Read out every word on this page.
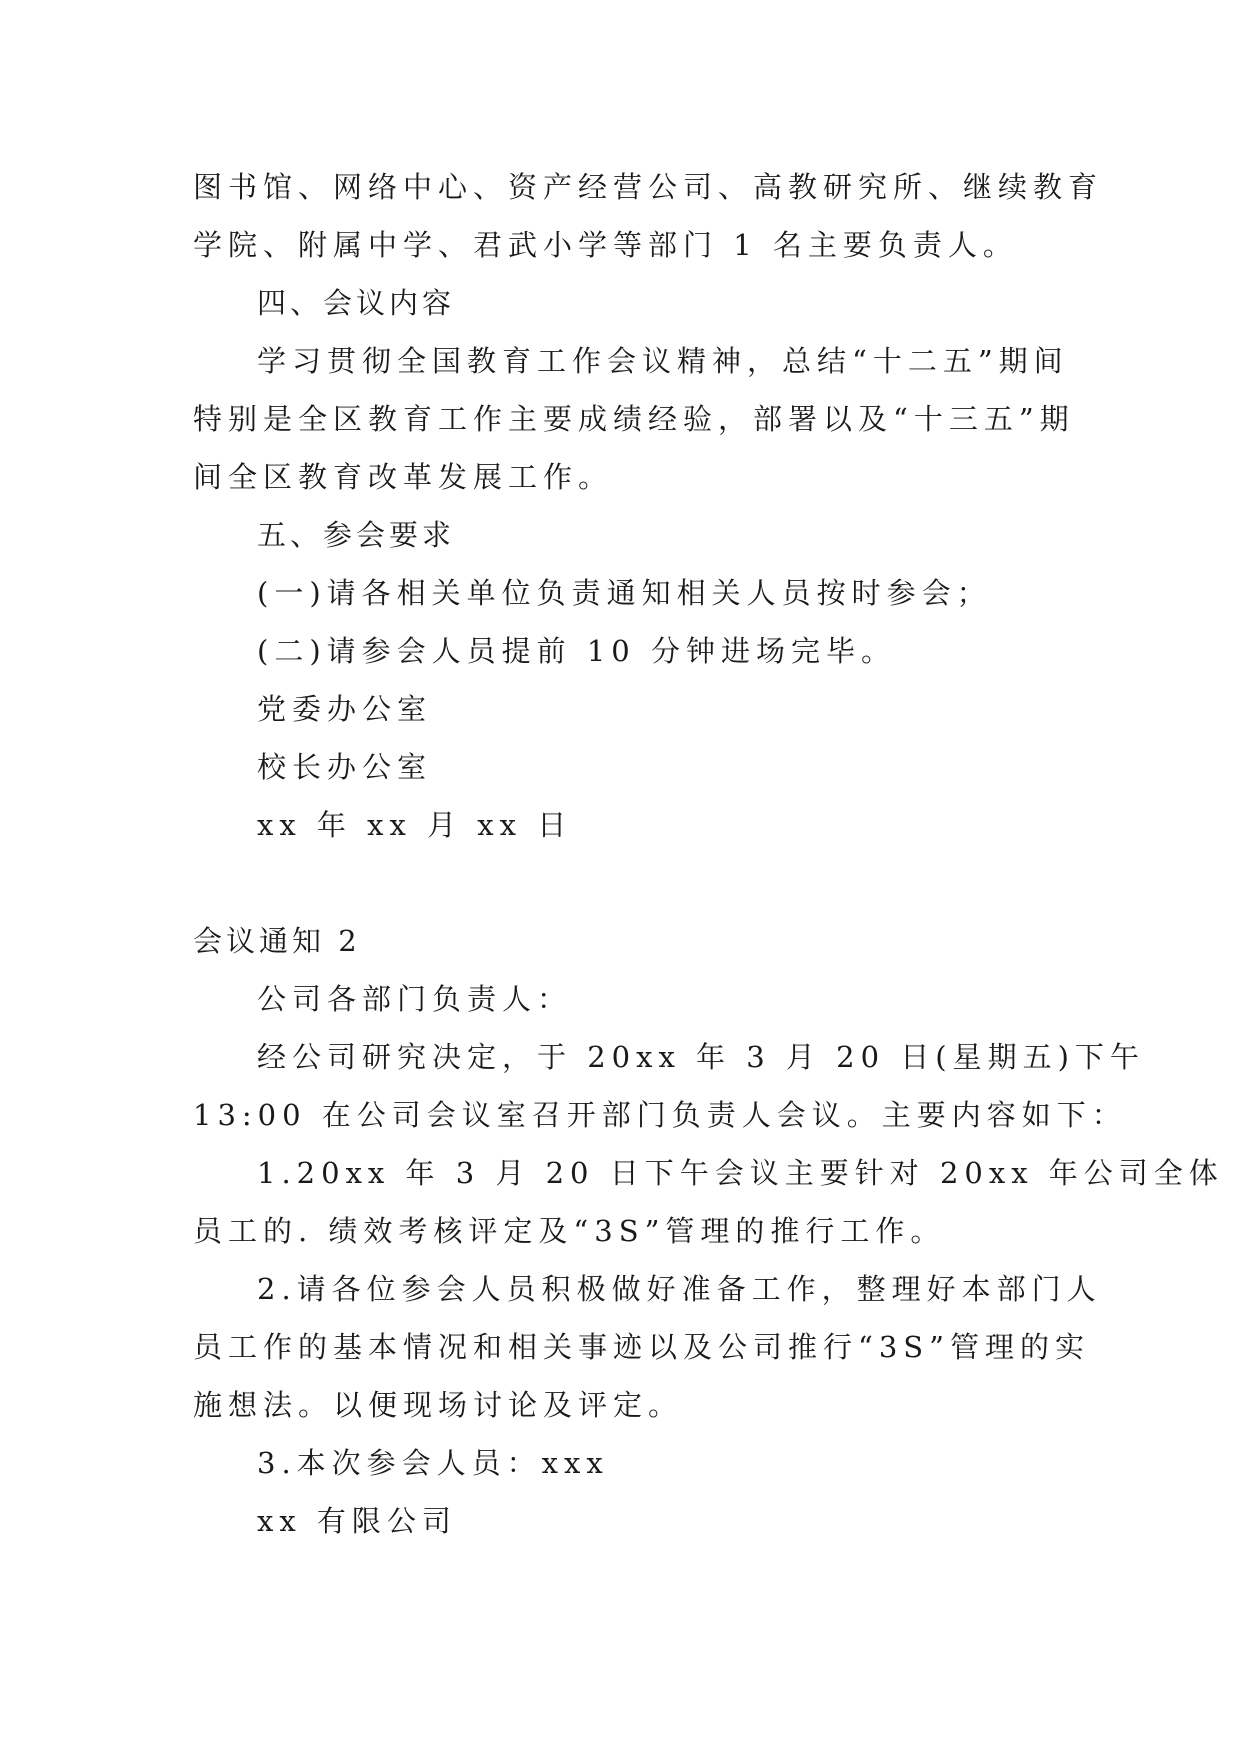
图书馆、网络中心、资产经营公司、高教研究所、继续教育
学院、附属中学、君武小学等部门 1 名主要负责人。
四、会议内容
学习贯彻全国教育工作会议精神，总结“十二五”期间
特别是全区教育工作主要成绩经验，部署以及“十三五”期
间全区教育改革发展工作。
五、参会要求
(一)请各相关单位负责通知相关人员按时参会；
(二)请参会人员提前 10 分钟进场完毕。
党委办公室
校长办公室
xx 年 xx 月 xx 日
会议通知 2
公司各部门负责人：
经公司研究决定，于 20xx 年 3 月 20 日(星期五)下午
13:00 在公司会议室召开部门负责人会议。主要内容如下：
1.20xx 年 3 月 20 日下午会议主要针对 20xx 年公司全体
员工的. 绩效考核评定及“3S”管理的推行工作。
2.请各位参会人员积极做好准备工作，整理好本部门人
员工作的基本情况和相关事迹以及公司推行“3S”管理的实
施想法。以便现场讨论及评定。
3.本次参会人员：xxx
xx 有限公司
